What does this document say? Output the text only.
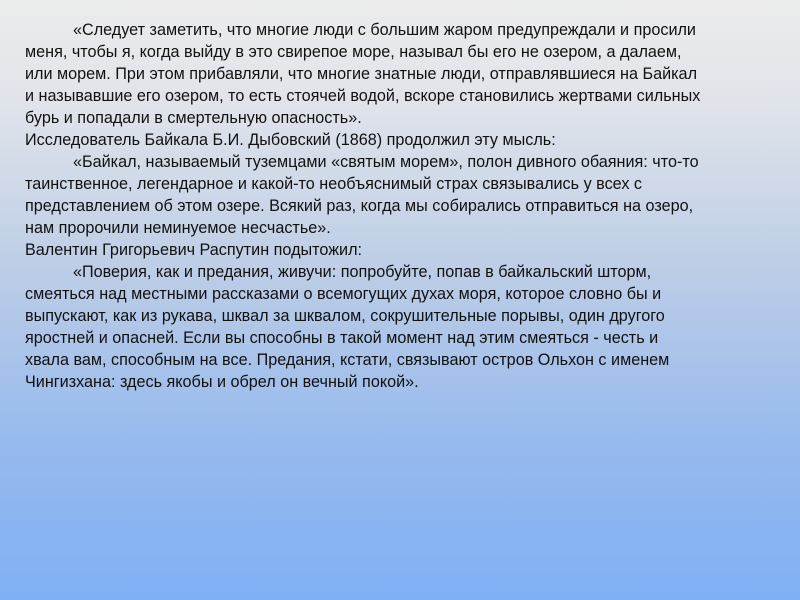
«Следует заметить, что многие люди с большим жаром предупреждали и просили
меня, чтобы я, когда выйду в это свирепое море, называл бы его не озером, а далаем,
или морем. При этом прибавляли, что многие знатные люди, отправлявшиеся на Байкал
и называвшие его озером, то есть стоячей водой, вскоре становились жертвами сильных
бурь и попадали в смертельную опасность».

Исследователь Байкала Б.И. Дыбовский (1868) продолжил эту мысль:

«Байкал, называемый туземцами «святым морем», полон дивного обаяния: что-то
таинственное, легендарное и какой-то необъяснимый страх связывались у всех с
представлением об этом озере. Всякий раз, когда мы собирались отправиться на озеро,
нам пророчили неминуемое несчастье».

Валентин Григорьевич Распутин подытожил:

«Поверия, как и предания, живучи: попробуйте, попав в байкальский шторм,
смеяться над местными рассказами о всемогущих духах моря, которое словно бы и
выпускают, как из рукава, шквал за шквалом, сокрушительные порывы, один другого
яростней и опасней. Если вы способны в такой момент над этим смеяться - честь и
хвала вам, способным на все. Предания, кстати, связывают остров Ольхон с именем
Чингизхана: здесь якобы и обрел он вечный покой».
